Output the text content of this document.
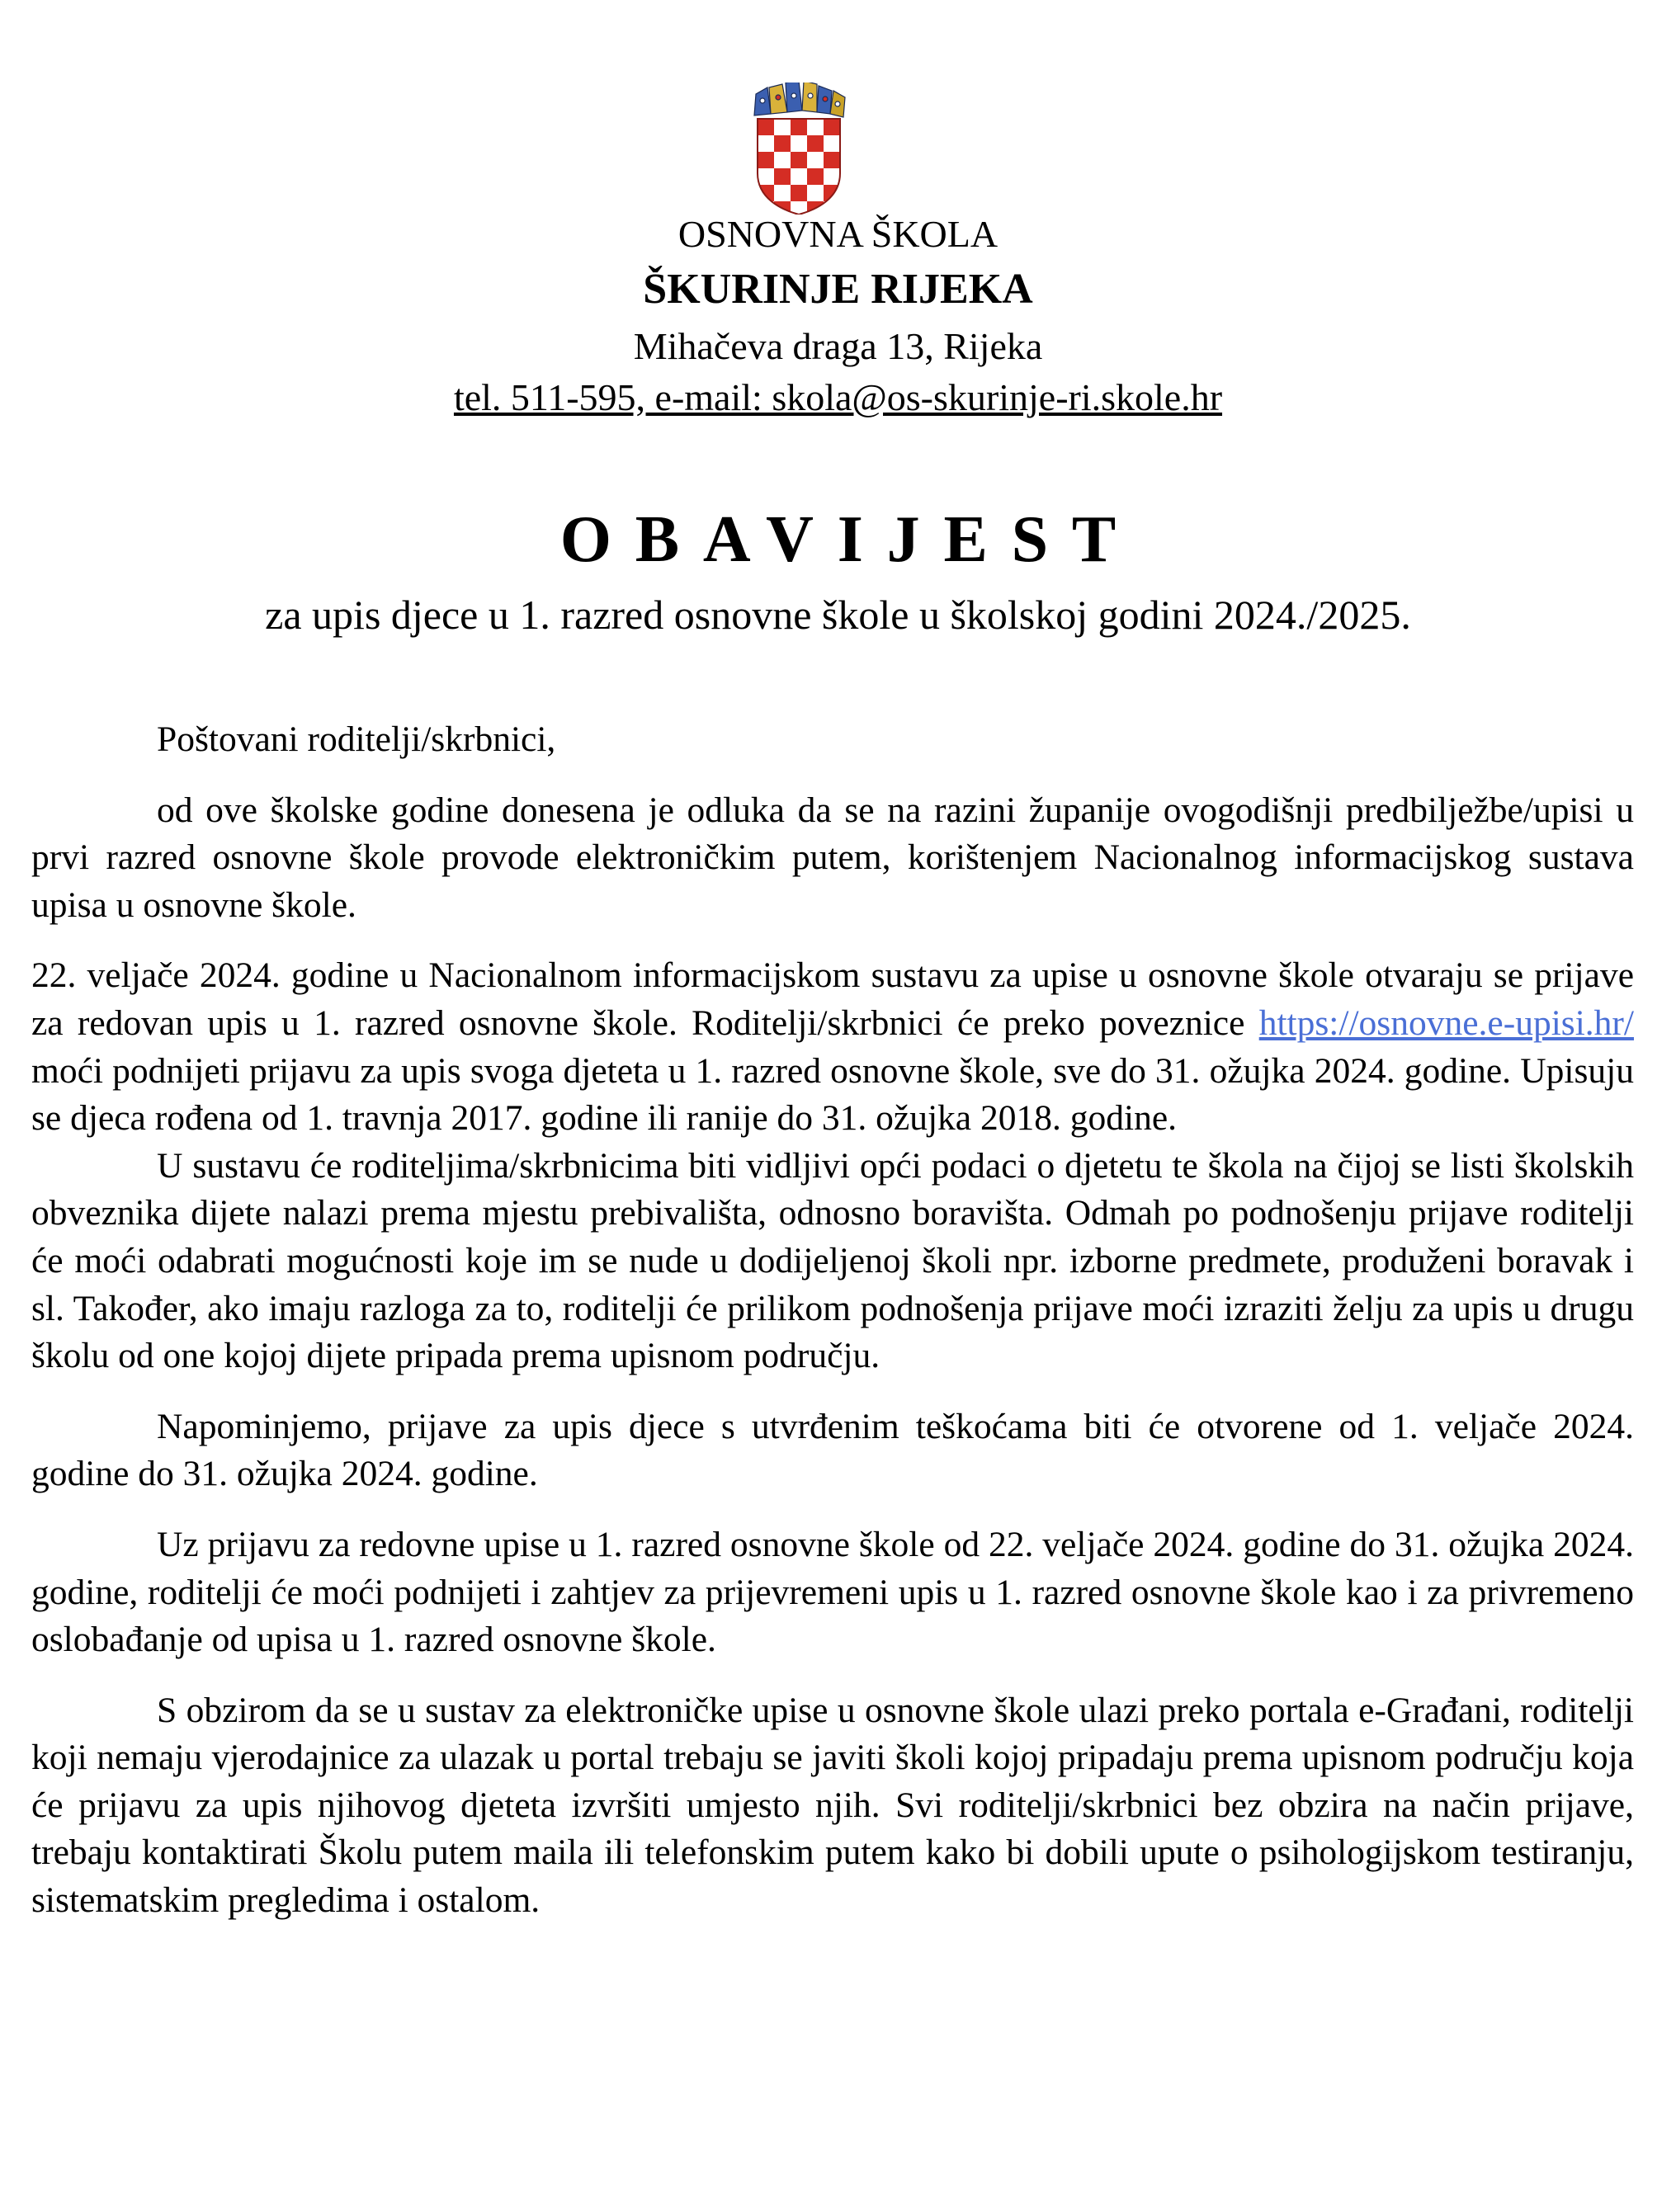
OSNOVNA ŠKOLA
ŠKURINJE RIJEKA
Mihačeva draga 13, Rijeka
tel. 511-595, e-mail: skola@os-skurinje-ri.skole.hr
OBAVIJEST
za upis djece u 1. razred osnovne škole u školskoj godini 2024./2025.

Poštovani roditelji/skrbnici,

od ove školske godine donesena je odluka da se na razini županije ovogodišnji predbilježbe/upisi u prvi razred osnovne škole provode elektroničkim putem, korištenjem Nacionalnog informacijskog sustava upisa u osnovne škole.

22. veljače 2024. godine u Nacionalnom informacijskom sustavu za upise u osnovne škole otvaraju se prijave za redovan upis u 1. razred osnovne škole. Roditelji/skrbnici će preko poveznice https://osnovne.e-upisi.hr/ moći podnijeti prijavu za upis svoga djeteta u 1. razred osnovne škole, sve do 31. ožujka 2024. godine. Upisuju se djeca rođena od 1. travnja 2017. godine ili ranije do 31. ožujka 2018. godine.

U sustavu će roditeljima/skrbnicima biti vidljivi opći podaci o djetetu te škola na čijoj se listi školskih obveznika dijete nalazi prema mjestu prebivališta, odnosno boravišta. Odmah po podnošenju prijave roditelji će moći odabrati mogućnosti koje im se nude u dodijeljenoj školi npr. izborne predmete, produženi boravak i sl. Također, ako imaju razloga za to, roditelji će prilikom podnošenja prijave moći izraziti želju za upis u drugu školu od one kojoj dijete pripada prema upisnom području.

Napominjemo, prijave za upis djece s utvrđenim teškoćama biti će otvorene od 1. veljače 2024. godine do 31. ožujka 2024. godine.

Uz prijavu za redovne upise u 1. razred osnovne škole od 22. veljače 2024. godine do 31. ožujka 2024. godine, roditelji će moći podnijeti i zahtjev za prijevremeni upis u 1. razred osnovne škole kao i za privremeno oslobađanje od upisa u 1. razred osnovne škole.

S obzirom da se u sustav za elektroničke upise u osnovne škole ulazi preko portala e-Građani, roditelji koji nemaju vjerodajnice za ulazak u portal trebaju se javiti školi kojoj pripadaju prema upisnom području koja će prijavu za upis njihovog djeteta izvršiti umjesto njih. Svi roditelji/skrbnici bez obzira na način prijave, trebaju kontaktirati Školu putem maila ili telefonskim putem kako bi dobili upute o psihologijskom testiranju, sistematskim pregledima i ostalom.
